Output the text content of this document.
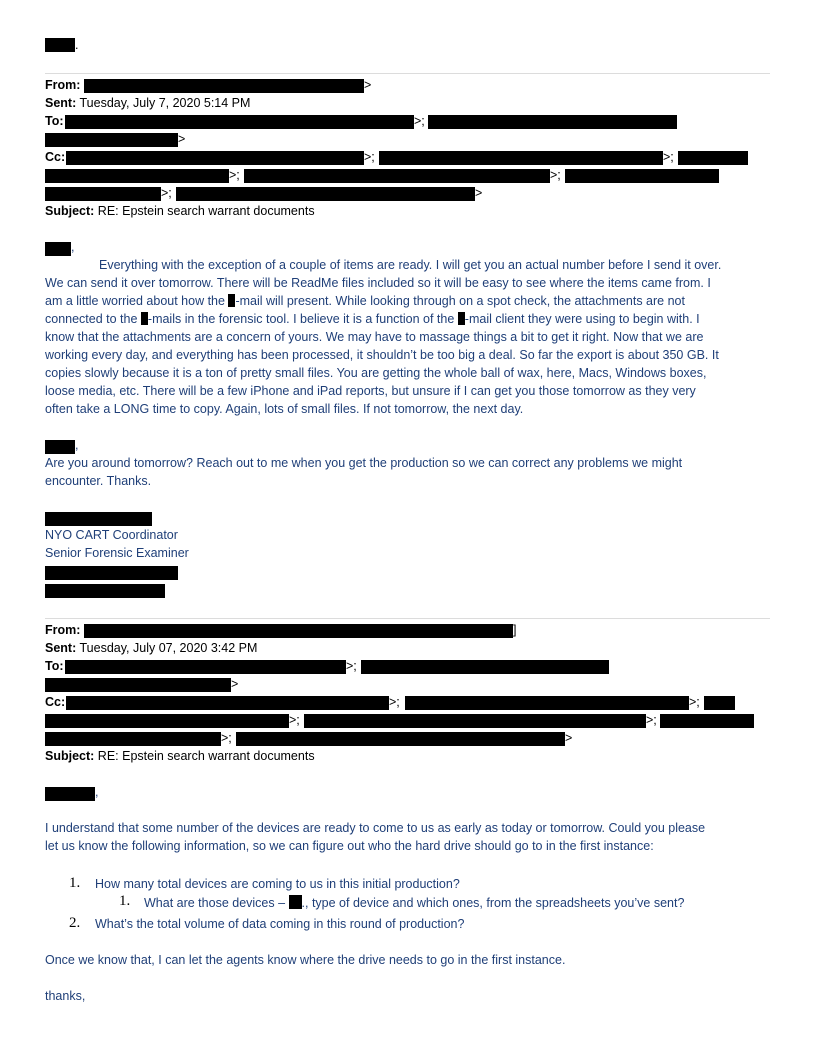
.
From:	>
Sent: Tuesday, July 7, 2020 5:14 PM
To:	>;
>
Cc:	>;	>;
>;	>;
>;	>
Subject: RE: Epstein search warrant documents
,
Everything with the exception of a couple of items are ready. I will get you an actual number before I send it over.
We can send it over tomorrow. There will be ReadMe files included so it will be easy to see where the items came from. I
am a little worried about how the -mail will present. While looking through on a spot check, the attachments are not
connected to the -mails in the forensic tool. I believe it is a function of the -mail client they were using to begin with. I
know that the attachments are a concern of yours. We may have to massage things a bit to get it right. Now that we are
working every day, and everything has been processed, it shouldn’t be too big a deal. So far the export is about 350 GB. It
copies slowly because it is a ton of pretty small files. You are getting the whole ball of wax, here, Macs, Windows boxes,
loose media, etc. There will be a few iPhone and iPad reports, but unsure if I can get you those tomorrow as they very
often take a LONG time to copy. Again, lots of small files. If not tomorrow, the next day.
,
Are you around tomorrow? Reach out to me when you get the production so we can correct any problems we might
encounter. Thanks.
NYO CART Coordinator
Senior Forensic Examiner
From:	]
Sent: Tuesday, July 07, 2020 3:42 PM
To:	>;
>
Cc:	>;	>;
>;	>;
>;	>
Subject: RE: Epstein search warrant documents
,
I understand that some number of the devices are ready to come to us as early as today or tomorrow. Could you please
let us know the following information, so we can figure out who the hard drive should go to in the first instance:
1. How many total devices are coming to us in this initial production?
1. What are those devices – ., type of device and which ones, from the spreadsheets you’ve sent?
2. What’s the total volume of data coming in this round of production?
Once we know that, I can let the agents know where the drive needs to go in the first instance.
thanks,
